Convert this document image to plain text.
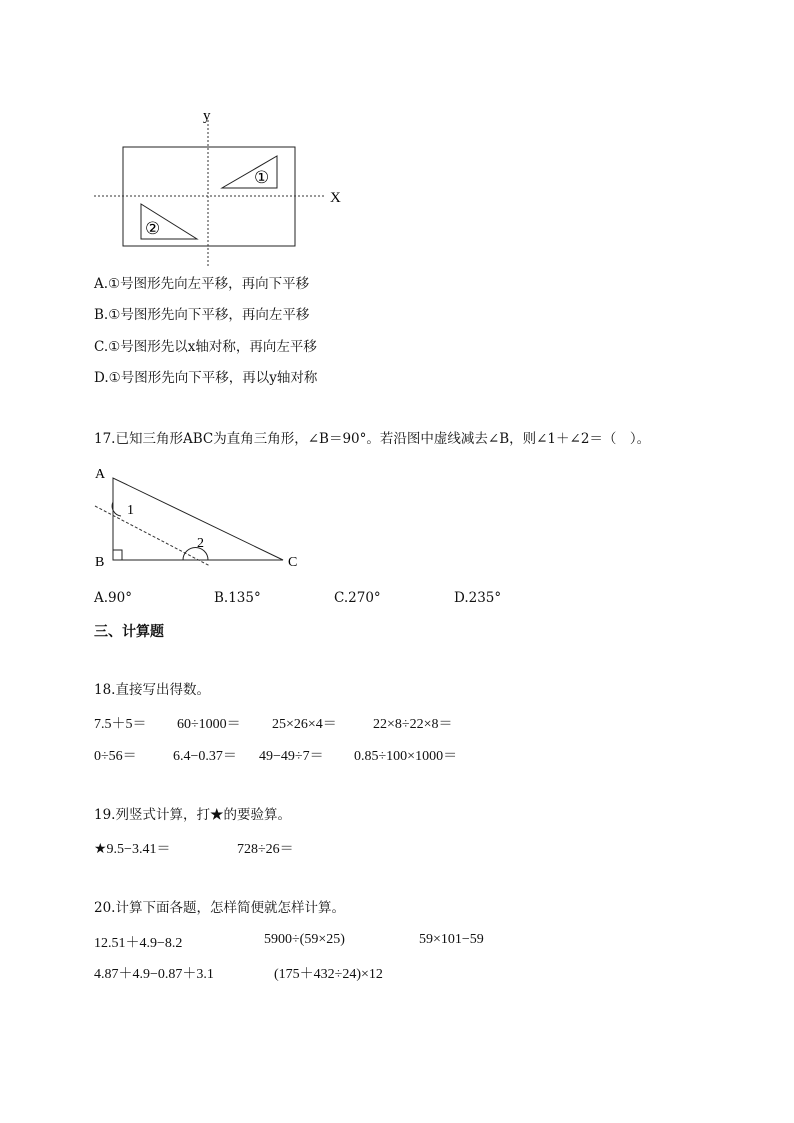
y
X
①
②
A.①号图形先向左平移，再向下平移
B.①号图形先向下平移，再向左平移
C.①号图形先以x轴对称，再向左平移
D.①号图形先向下平移，再以y轴对称
17.已知三角形ABC为直角三角形，∠B＝90°。若沿图中虚线减去∠B，则∠1＋∠2＝（　）。
A
B	C
1
2
A.90°	B.135°	C.270°	D.235°
三、计算题
18.直接写出得数。
7.5＋5＝ 60÷1000＝ 25×26×4＝	22×8÷22×8＝
0÷56＝	6.4−0.37＝ 49−49÷7＝ 0.85÷100×1000＝
19.列竖式计算，打★的要验算。
★9.5−3.41＝	728÷26＝
20.计算下面各题，怎样简便就怎样计算。
12.51＋4.9−8.2	5900÷(59×25)	59×101−59
4.87＋4.9−0.87＋3.1	(175＋432÷24)×12
